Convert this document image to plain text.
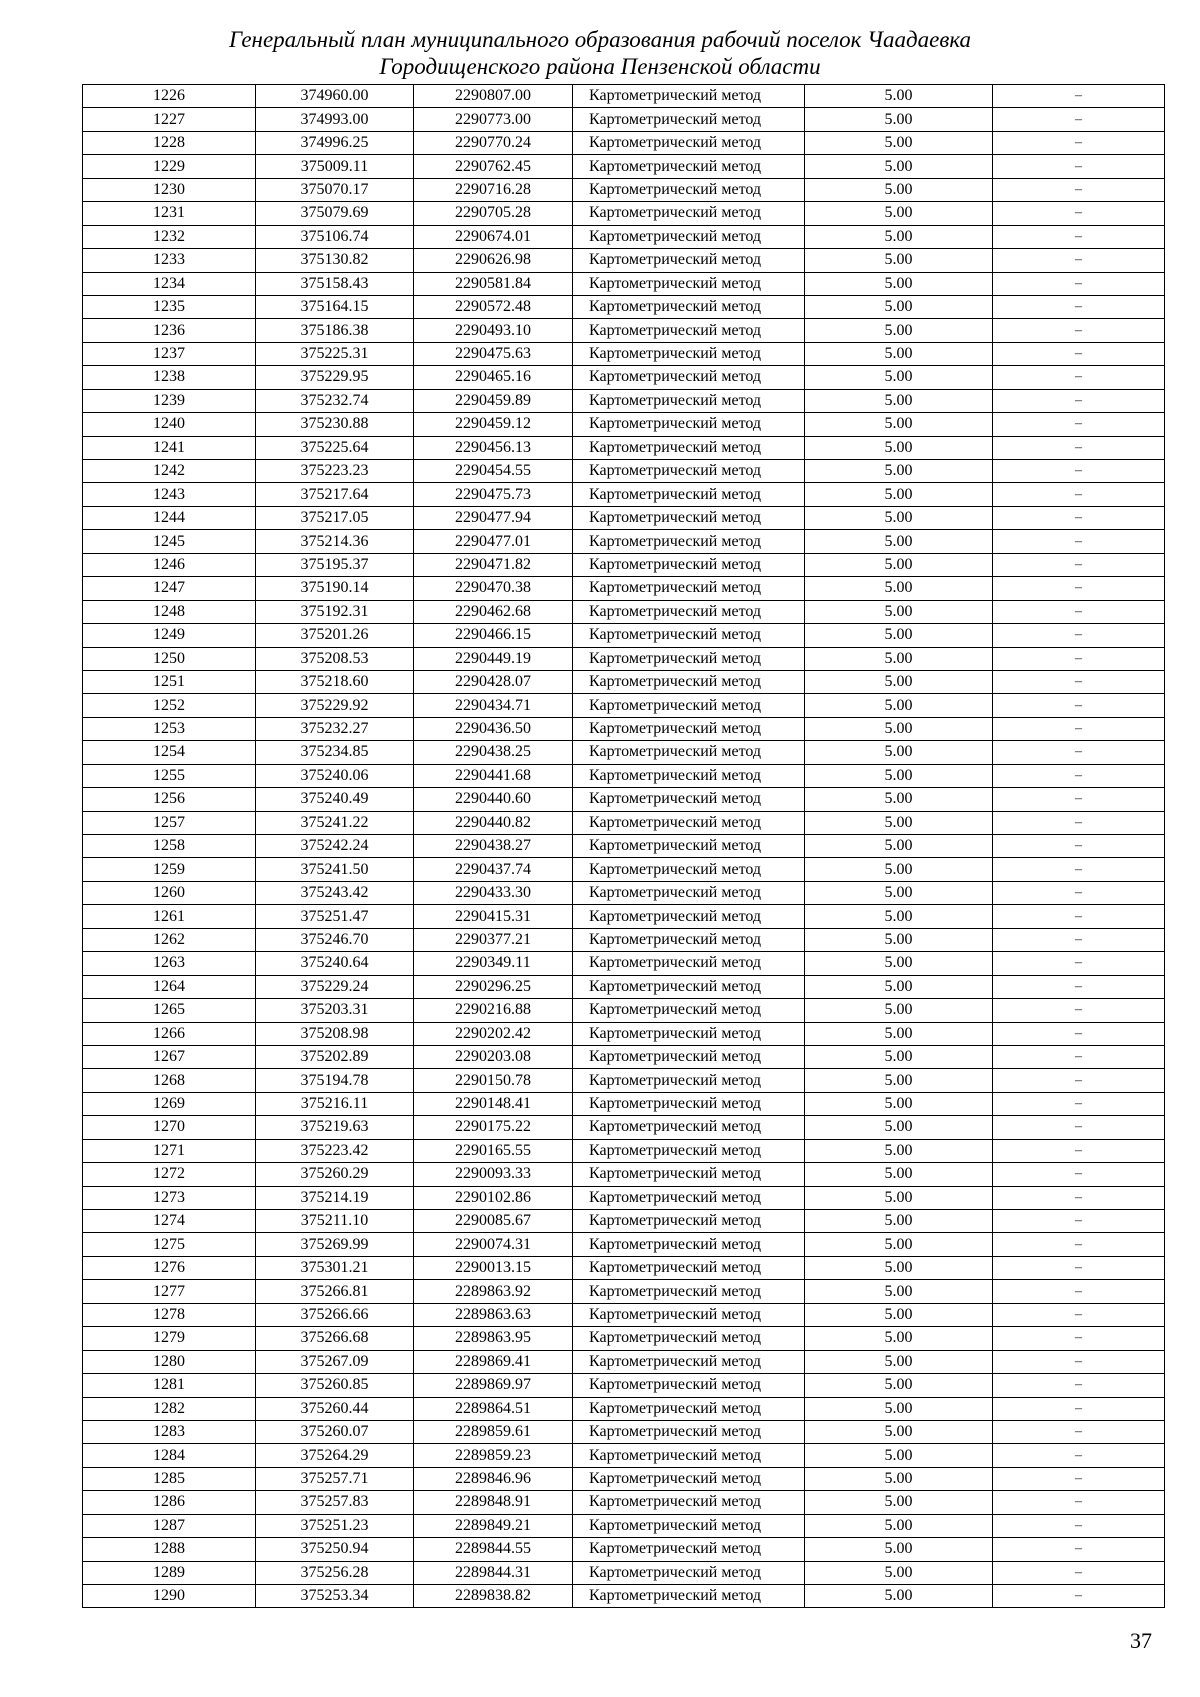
Генеральный план муниципального образования рабочий поселок Чаадаевка
Городищенского района Пензенской области
1226	374960.00	2290807.00	Картометрический метод	5.00	–
1227	374993.00	2290773.00	Картометрический метод	5.00	–
1228	374996.25	2290770.24	Картометрический метод	5.00	–
1229	375009.11	2290762.45	Картометрический метод	5.00	–
1230	375070.17	2290716.28	Картометрический метод	5.00	–
1231	375079.69	2290705.28	Картометрический метод	5.00	–
1232	375106.74	2290674.01	Картометрический метод	5.00	–
1233	375130.82	2290626.98	Картометрический метод	5.00	–
1234	375158.43	2290581.84	Картометрический метод	5.00	–
1235	375164.15	2290572.48	Картометрический метод	5.00	–
1236	375186.38	2290493.10	Картометрический метод	5.00	–
1237	375225.31	2290475.63	Картометрический метод	5.00	–
1238	375229.95	2290465.16	Картометрический метод	5.00	–
1239	375232.74	2290459.89	Картометрический метод	5.00	–
1240	375230.88	2290459.12	Картометрический метод	5.00	–
1241	375225.64	2290456.13	Картометрический метод	5.00	–
1242	375223.23	2290454.55	Картометрический метод	5.00	–
1243	375217.64	2290475.73	Картометрический метод	5.00	–
1244	375217.05	2290477.94	Картометрический метод	5.00	–
1245	375214.36	2290477.01	Картометрический метод	5.00	–
1246	375195.37	2290471.82	Картометрический метод	5.00	–
1247	375190.14	2290470.38	Картометрический метод	5.00	–
1248	375192.31	2290462.68	Картометрический метод	5.00	–
1249	375201.26	2290466.15	Картометрический метод	5.00	–
1250	375208.53	2290449.19	Картометрический метод	5.00	–
1251	375218.60	2290428.07	Картометрический метод	5.00	–
1252	375229.92	2290434.71	Картометрический метод	5.00	–
1253	375232.27	2290436.50	Картометрический метод	5.00	–
1254	375234.85	2290438.25	Картометрический метод	5.00	–
1255	375240.06	2290441.68	Картометрический метод	5.00	–
1256	375240.49	2290440.60	Картометрический метод	5.00	–
1257	375241.22	2290440.82	Картометрический метод	5.00	–
1258	375242.24	2290438.27	Картометрический метод	5.00	–
1259	375241.50	2290437.74	Картометрический метод	5.00	–
1260	375243.42	2290433.30	Картометрический метод	5.00	–
1261	375251.47	2290415.31	Картометрический метод	5.00	–
1262	375246.70	2290377.21	Картометрический метод	5.00	–
1263	375240.64	2290349.11	Картометрический метод	5.00	–
1264	375229.24	2290296.25	Картометрический метод	5.00	–
1265	375203.31	2290216.88	Картометрический метод	5.00	–
1266	375208.98	2290202.42	Картометрический метод	5.00	–
1267	375202.89	2290203.08	Картометрический метод	5.00	–
1268	375194.78	2290150.78	Картометрический метод	5.00	–
1269	375216.11	2290148.41	Картометрический метод	5.00	–
1270	375219.63	2290175.22	Картометрический метод	5.00	–
1271	375223.42	2290165.55	Картометрический метод	5.00	–
1272	375260.29	2290093.33	Картометрический метод	5.00	–
1273	375214.19	2290102.86	Картометрический метод	5.00	–
1274	375211.10	2290085.67	Картометрический метод	5.00	–
1275	375269.99	2290074.31	Картометрический метод	5.00	–
1276	375301.21	2290013.15	Картометрический метод	5.00	–
1277	375266.81	2289863.92	Картометрический метод	5.00	–
1278	375266.66	2289863.63	Картометрический метод	5.00	–
1279	375266.68	2289863.95	Картометрический метод	5.00	–
1280	375267.09	2289869.41	Картометрический метод	5.00	–
1281	375260.85	2289869.97	Картометрический метод	5.00	–
1282	375260.44	2289864.51	Картометрический метод	5.00	–
1283	375260.07	2289859.61	Картометрический метод	5.00	–
1284	375264.29	2289859.23	Картометрический метод	5.00	–
1285	375257.71	2289846.96	Картометрический метод	5.00	–
1286	375257.83	2289848.91	Картометрический метод	5.00	–
1287	375251.23	2289849.21	Картометрический метод	5.00	–
1288	375250.94	2289844.55	Картометрический метод	5.00	–
1289	375256.28	2289844.31	Картометрический метод	5.00	–
1290	375253.34	2289838.82	Картометрический метод	5.00	–
37
